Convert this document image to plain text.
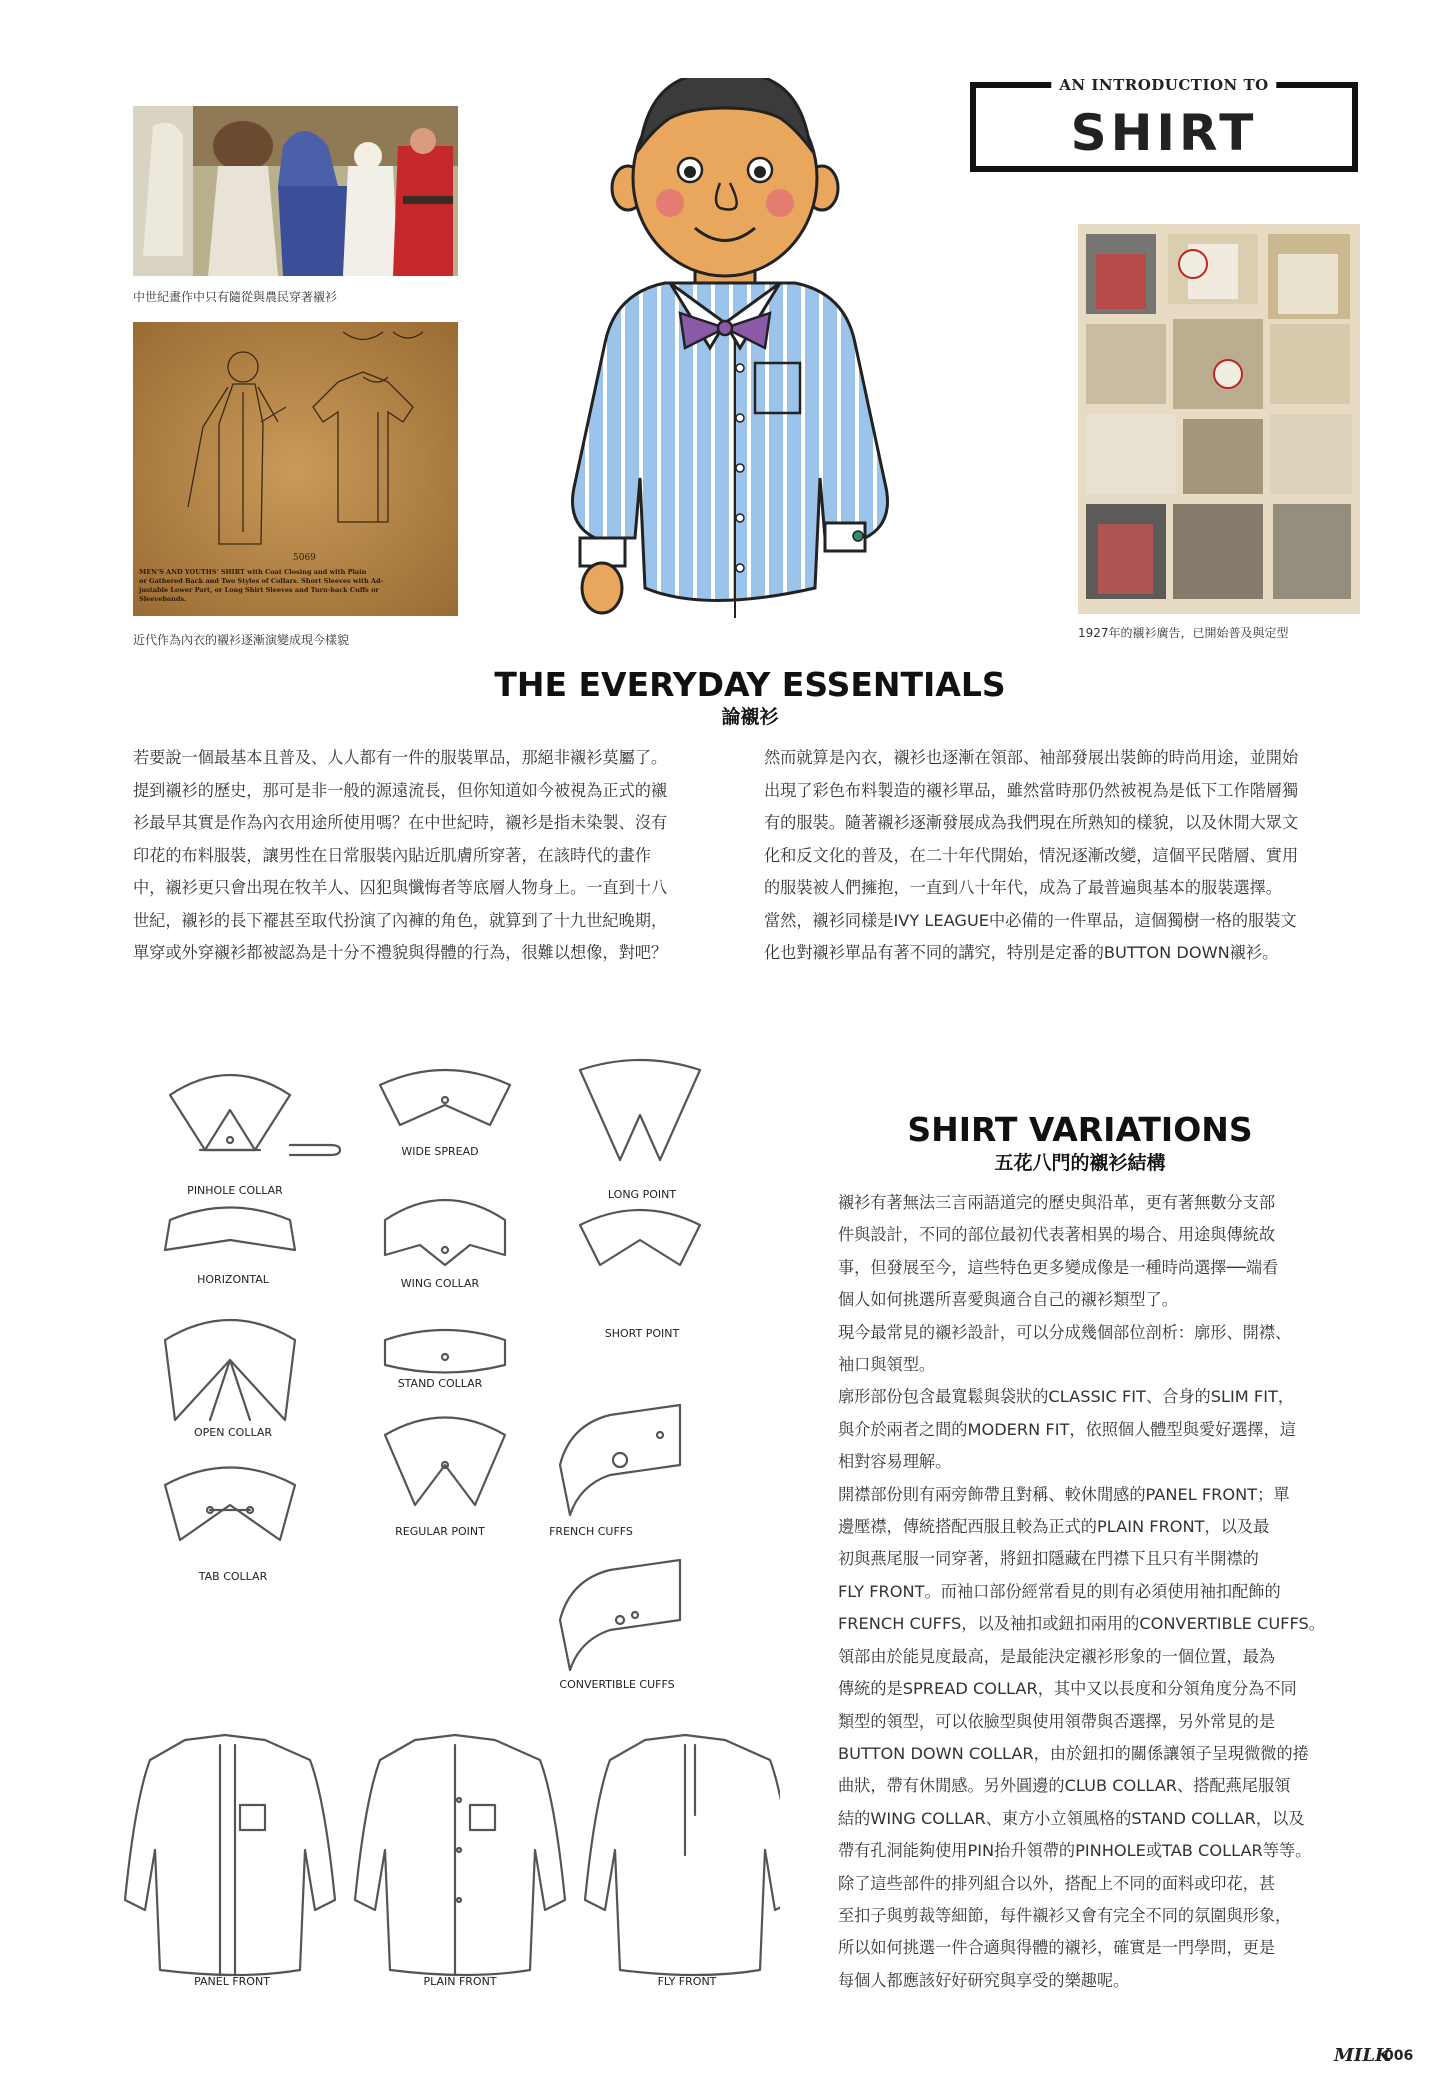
中世紀畫作中只有隨從與農民穿著襯衫
5069
MEN'S AND YOUTHS' SHIRT with Coat Closing and with Plain
or Gathered Back and Two Styles of Collars. Short Sleeves with Ad-
justable Lower Part, or Long Shirt Sleeves and Turn-back Cuffs or
Sleevebands.
近代作為內衣的襯衫逐漸演變成現今樣貌
AN INTRODUCTION TO
SHIRT
1927年的襯衫廣告，已開始普及與定型
THE EVERYDAY ESSENTIALS
論襯衫

若要說一個最基本且普及、人人都有一件的服裝單品，那絕非襯衫莫屬了。

提到襯衫的歷史，那可是非一般的源遠流長，但你知道如今被視為正式的襯

衫最早其實是作為內衣用途所使用嗎？在中世紀時，襯衫是指未染製、沒有

印花的布料服裝，讓男性在日常服裝內貼近肌膚所穿著，在該時代的畫作

中，襯衫更只會出現在牧羊人、囚犯與懺悔者等底層人物身上。一直到十八

世紀，襯衫的長下襬甚至取代扮演了內褲的角色，就算到了十九世紀晚期，

單穿或外穿襯衫都被認為是十分不禮貌與得體的行為，很難以想像，對吧？

然而就算是內衣，襯衫也逐漸在領部、袖部發展出裝飾的時尚用途，並開始

出現了彩色布料製造的襯衫單品，雖然當時那仍然被視為是低下工作階層獨

有的服裝。隨著襯衫逐漸發展成為我們現在所熟知的樣貌，以及休閒大眾文

化和反文化的普及，在二十年代開始，情況逐漸改變，這個平民階層、實用

的服裝被人們擁抱，一直到八十年代，成為了最普遍與基本的服裝選擇。

當然，襯衫同樣是IVY LEAGUE中必備的一件單品，這個獨樹一格的服裝文

化也對襯衫單品有著不同的講究，特別是定番的BUTTON DOWN襯衫。

PINHOLE COLLAR
WIDE SPREAD
LONG POINT
HORIZONTAL	WING COLLAR
SHORT POINT
STAND COLLAR
OPEN COLLAR
REGULAR POINT	FRENCH CUFFS
TAB COLLAR
CONVERTIBLE CUFFS
PANEL FRONT	PLAIN FRONT	FLY FRONT
SHIRT VARIATIONS
五花八門的襯衫結構

襯衫有著無法三言兩語道完的歷史與沿革，更有著無數分支部

件與設計，不同的部位最初代表著相異的場合、用途與傳統故

事，但發展至今，這些特色更多變成像是一種時尚選擇──端看

個人如何挑選所喜愛與適合自己的襯衫類型了。

現今最常見的襯衫設計，可以分成幾個部位剖析：廓形、開襟、

袖口與領型。

廓形部份包含最寬鬆與袋狀的CLASSIC FIT、合身的SLIM FIT，

與介於兩者之間的MODERN FIT，依照個人體型與愛好選擇，這

相對容易理解。

開襟部份則有兩旁飾帶且對稱、較休閒感的PANEL FRONT；單

邊壓襟，傳統搭配西服且較為正式的PLAIN FRONT，以及最

初與燕尾服一同穿著，將鈕扣隱藏在門襟下且只有半開襟的

FLY FRONT。而袖口部份經常看見的則有必須使用袖扣配飾的

FRENCH CUFFS，以及袖扣或鈕扣兩用的CONVERTIBLE CUFFS。

領部由於能見度最高，是最能決定襯衫形象的一個位置，最為

傳統的是SPREAD COLLAR，其中又以長度和分領角度分為不同

類型的領型，可以依臉型與使用領帶與否選擇，另外常見的是

BUTTON DOWN COLLAR，由於鈕扣的關係讓領子呈現微微的捲

曲狀，帶有休閒感。另外圓邊的CLUB COLLAR、搭配燕尾服領

結的WING COLLAR、東方小立領風格的STAND COLLAR，以及

帶有孔洞能夠使用PIN抬升領帶的PINHOLE或TAB COLLAR等等。

除了這些部件的排列組合以外，搭配上不同的面料或印花，甚

至扣子與剪裁等細節，每件襯衫又會有完全不同的氛圍與形象，

所以如何挑選一件合適與得體的襯衫，確實是一門學問，更是

每個人都應該好好研究與享受的樂趣呢。

MILK
006
